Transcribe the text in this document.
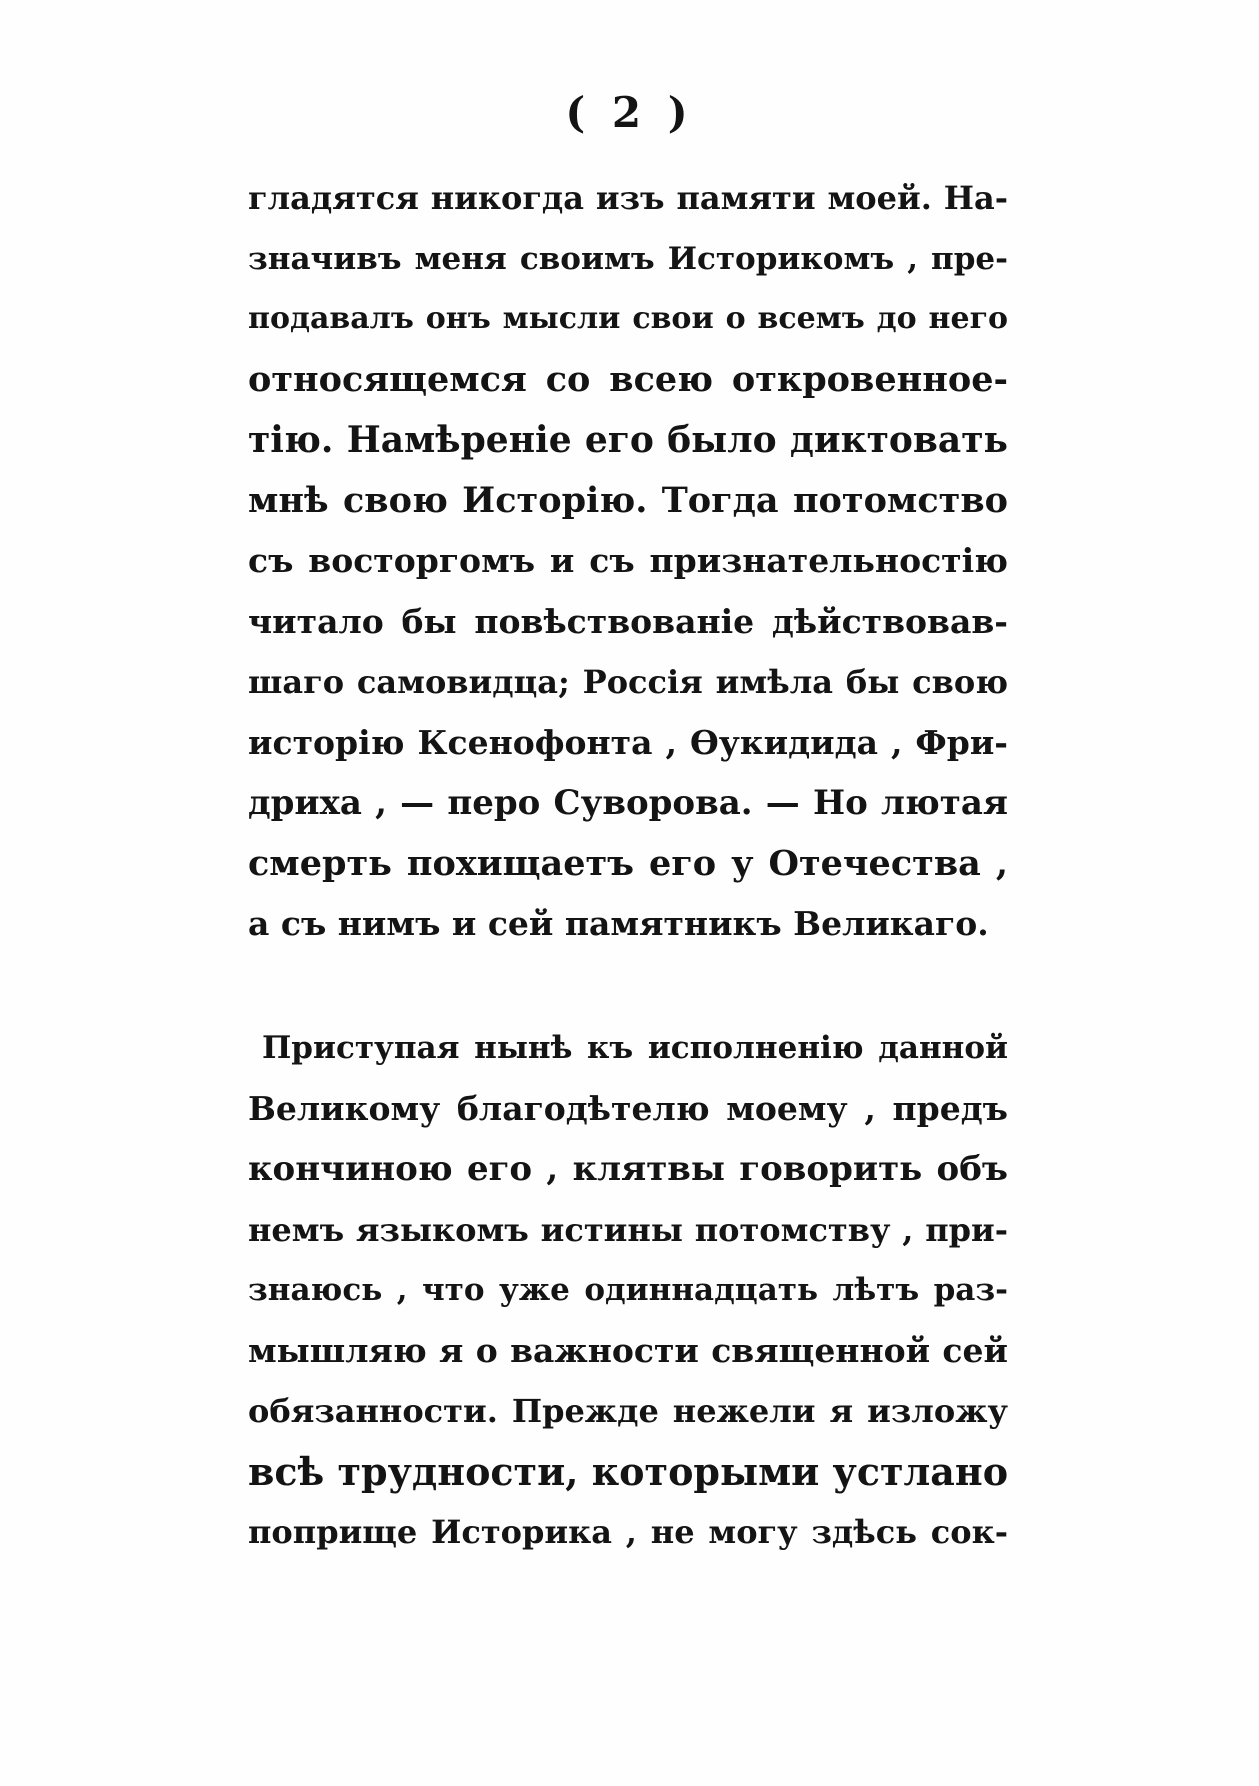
( 2 )
гладятся никогда изъ памяти моей. На-
значивъ меня своимъ Историкомъ , пре-
подавалъ онъ мысли свои о всемъ до него
относящемся со всею откровенное-
тію. Намѣреніе его было диктовать
мнѣ свою Исторію. Тогда потомство
съ восторгомъ и съ признательностію
читало бы повѣствованіе дѣйствовав-
шаго самовидца; Россія имѣла бы свою
исторію Ксенофонта , Ѳукидида , Фри-
дриха , — перо Суворова. — Но лютая
смерть похищаетъ его у Отечества ,
а съ нимъ и сей памятникъ Великаго.
Приступая нынѣ къ исполненію данной
Великому благодѣтелю моему , предъ
кончиною его , клятвы говорить объ
немъ языкомъ истины потомству , при-
знаюсь , что уже одиннадцать лѣтъ раз-
мышляю я о важности священной сей
обязанности. Прежде нежели я изложу
всѣ трудности, которыми устлано
поприще Историка , не могу здѣсь сок-
